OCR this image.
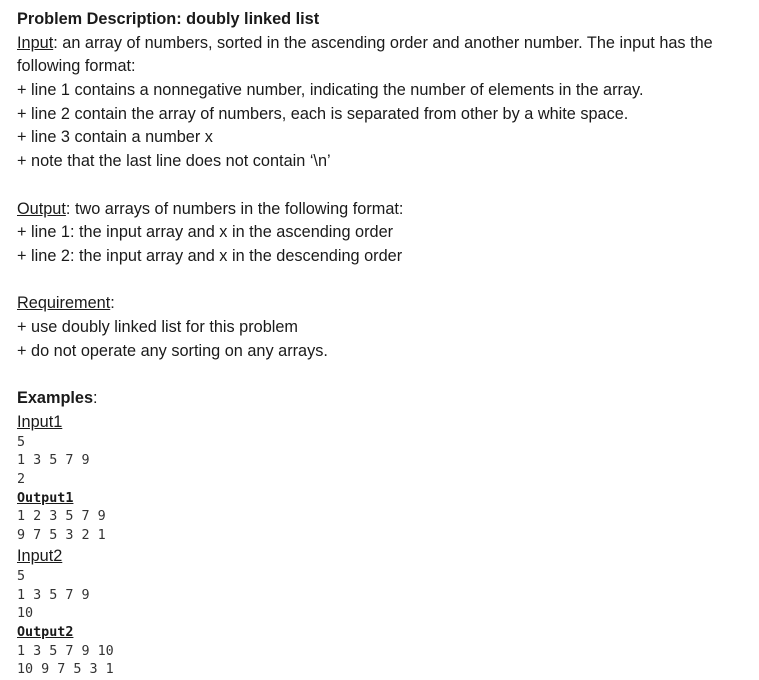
Problem Description: doubly linked list
Input: an array of numbers, sorted in the ascending order and another number. The input has the following format:
+ line 1 contains a nonnegative number, indicating the number of elements in the array.
+ line 2 contain the array of numbers, each is separated from other by a white space.
+ line 3 contain a number x
+ note that the last line does not contain ‘\n’
Output: two arrays of numbers in the following format:
+ line 1: the input array and x in the ascending order
+ line 2: the input array and x in the descending order
Requirement:
+ use doubly linked list for this problem
+ do not operate any sorting on any arrays.
Examples:
Input1
5
1 3 5 7 9
2
Output1
1 2 3 5 7 9
9 7 5 3 2 1
Input2
5
1 3 5 7 9
10
Output2
1 3 5 7 9 10
10 9 7 5 3 1
